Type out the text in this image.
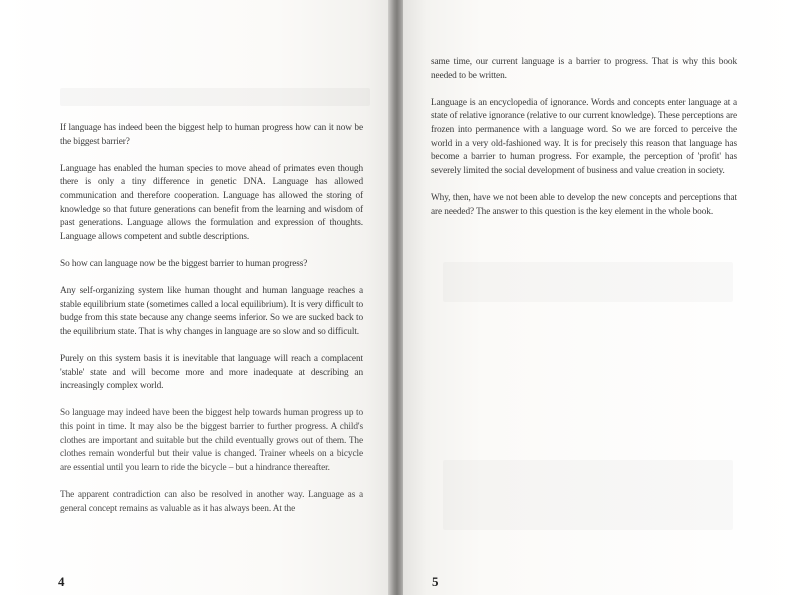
If language has indeed been the biggest help to human progress how can it now be the biggest barrier?

Language has enabled the human species to move ahead of primates even though there is only a tiny difference in genetic DNA. Language has allowed communication and therefore cooperation. Language has allowed the storing of knowledge so that future generations can benefit from the learning and wisdom of past generations. Language allows the formulation and expression of thoughts. Language allows competent and subtle descriptions.

So how can language now be the biggest barrier to human progress?

Any self-organizing system like human thought and human language reaches a stable equilibrium state (sometimes called a local equilibrium). It is very difficult to budge from this state because any change seems inferior. So we are sucked back to the equilibrium state. That is why changes in language are so slow and so difficult.

Purely on this system basis it is inevitable that language will reach a complacent 'stable' state and will become more and more inadequate at describing an increasingly complex world.

So language may indeed have been the biggest help towards human progress up to this point in time. It may also be the biggest barrier to further progress. A child's clothes are important and suitable but the child eventually grows out of them. The clothes remain wonderful but their value is changed. Trainer wheels on a bicycle are essential until you learn to ride the bicycle – but a hindrance thereafter.

The apparent contradiction can also be resolved in another way. Language as a general concept remains as valuable as it has always been. At the

4

same time, our current language is a barrier to progress. That is why this book needed to be written.

Language is an encyclopedia of ignorance. Words and concepts enter language at a state of relative ignorance (relative to our current knowledge). These perceptions are frozen into permanence with a language word. So we are forced to perceive the world in a very old-fashioned way. It is for precisely this reason that language has become a barrier to human progress. For example, the perception of 'profit' has severely limited the social development of business and value creation in society.

Why, then, have we not been able to develop the new concepts and perceptions that are needed? The answer to this question is the key element in the whole book.

5
